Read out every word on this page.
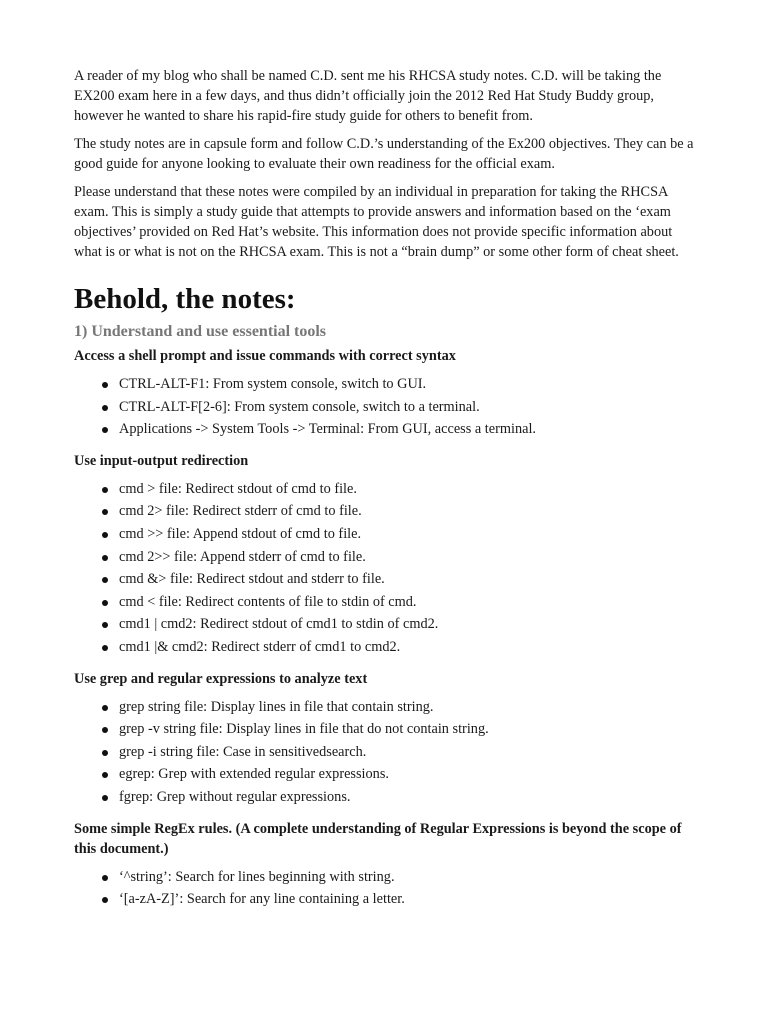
A reader of my blog who shall be named C.D. sent me his RHCSA study notes. C.D. will be taking the EX200 exam here in a few days, and thus didn’t officially join the 2012 Red Hat Study Buddy group, however he wanted to share his rapid-fire study guide for others to benefit from.

The study notes are in capsule form and follow C.D.’s understanding of the Ex200 objectives. They can be a good guide for anyone looking to evaluate their own readiness for the official exam.

Please understand that these notes were compiled by an individual in preparation for taking the RHCSA exam. This is simply a study guide that attempts to provide answers and information based on the ‘exam objectives’ provided on Red Hat’s website. This information does not provide specific information about what is or what is not on the RHCSA exam. This is not a “brain dump” or some other form of cheat sheet.

Behold, the notes:
1) Understand and use essential tools
Access a shell prompt and issue commands with correct syntax
CTRL-ALT-F1: From system console, switch to GUI.
CTRL-ALT-F[2-6]: From system console, switch to a terminal.
Applications -> System Tools -> Terminal: From GUI, access a terminal.
Use input-output redirection
cmd > file: Redirect stdout of cmd to file.
cmd 2> file: Redirect stderr of cmd to file.
cmd >> file: Append stdout of cmd to file.
cmd 2>> file: Append stderr of cmd to file.
cmd &> file: Redirect stdout and stderr to file.
cmd < file: Redirect contents of file to stdin of cmd.
cmd1 | cmd2: Redirect stdout of cmd1 to stdin of cmd2.
cmd1 |& cmd2: Redirect stderr of cmd1 to cmd2.
Use grep and regular expressions to analyze text
grep string file: Display lines in file that contain string.
grep -v string file: Display lines in file that do not contain string.
grep -i string file: Case in sensitivedsearch.
egrep: Grep with extended regular expressions.
fgrep: Grep without regular expressions.
Some simple RegEx rules. (A complete understanding of Regular Expressions is beyond the scope of this document.)
‘^string’: Search for lines beginning with string.
‘[a-zA-Z]’: Search for any line containing a letter.
